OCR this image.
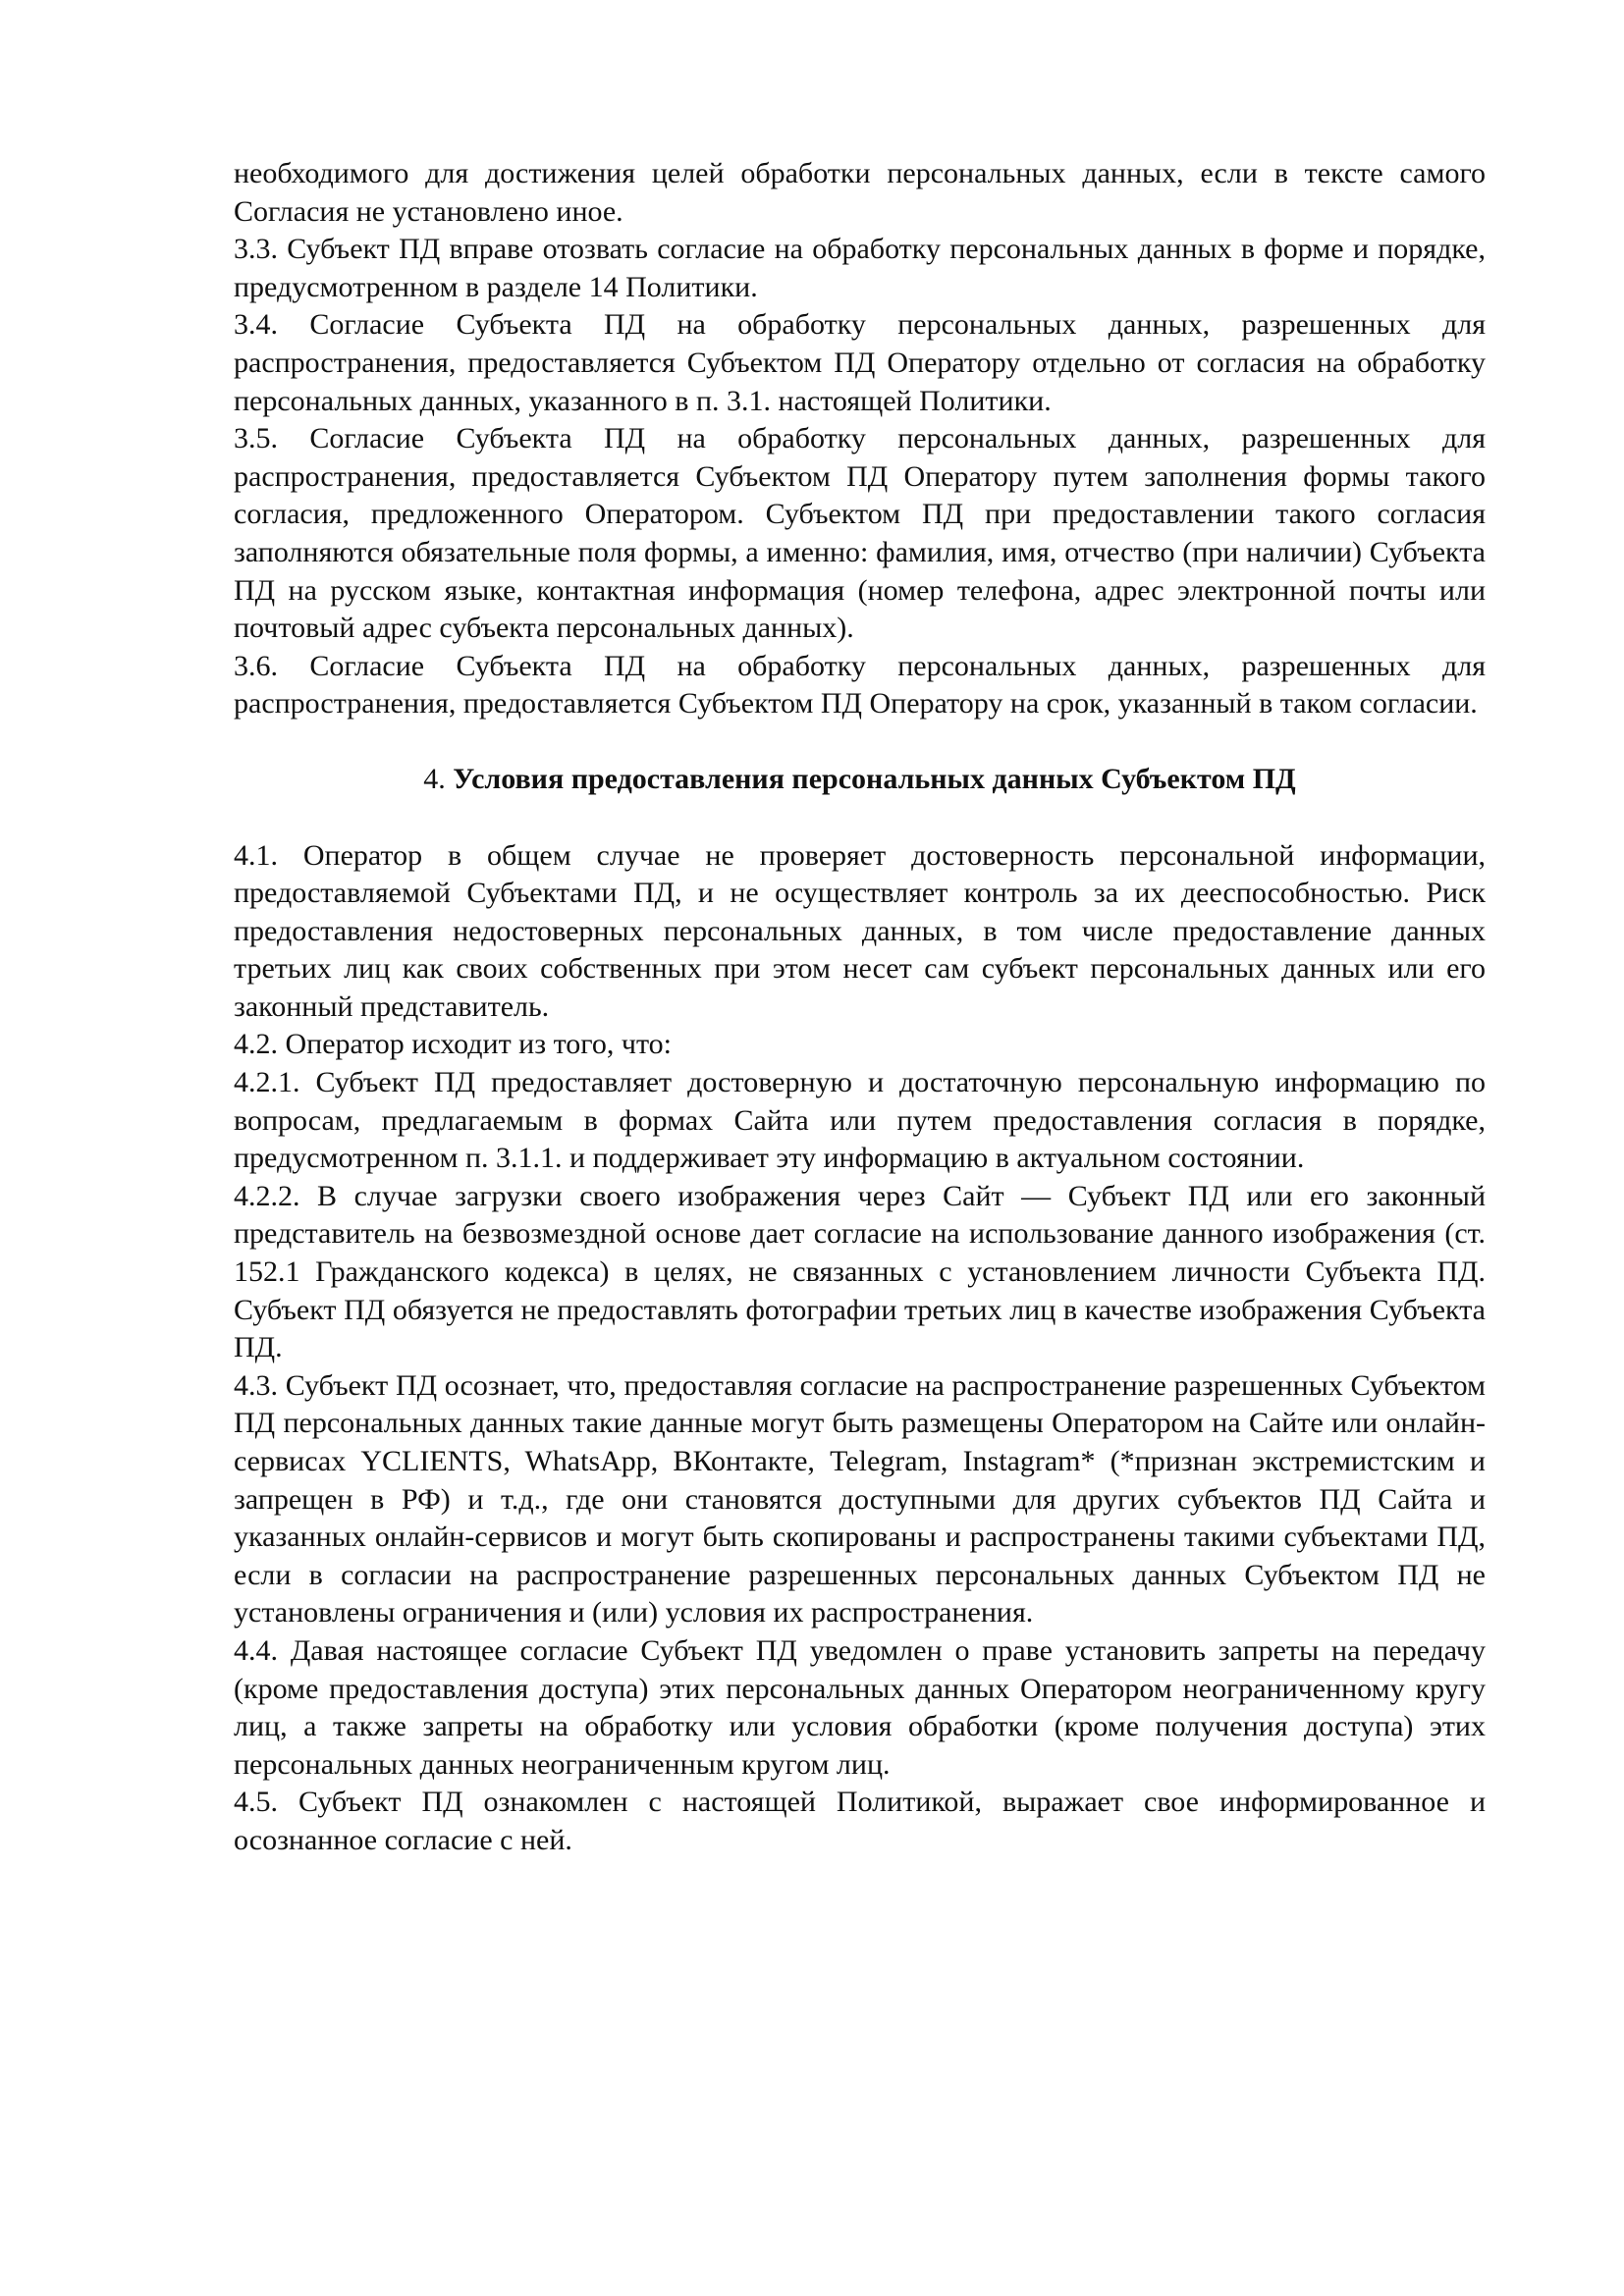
необходимого для достижения целей обработки персональных данных, если в тексте самого Согласия не установлено иное.

3.3. Субъект ПД вправе отозвать согласие на обработку персональных данных в форме и порядке, предусмотренном в разделе 14 Политики.

3.4. Согласие Субъекта ПД на обработку персональных данных, разрешенных для распространения, предоставляется Субъектом ПД Оператору отдельно от согласия на обработку персональных данных, указанного в п. 3.1. настоящей Политики.

3.5. Согласие Субъекта ПД на обработку персональных данных, разрешенных для распространения, предоставляется Субъектом ПД Оператору путем заполнения формы такого согласия, предложенного Оператором. Субъектом ПД при предоставлении такого согласия заполняются обязательные поля формы, а именно: фамилия, имя, отчество (при наличии) Субъекта ПД на русском языке, контактная информация (номер телефона, адрес электронной почты или почтовый адрес субъекта персональных данных).

3.6. Согласие Субъекта ПД на обработку персональных данных, разрешенных для распространения, предоставляется Субъектом ПД Оператору на срок, указанный в таком согласии.

4. Условия предоставления персональных данных Субъектом ПД

4.1. Оператор в общем случае не проверяет достоверность персональной информации, предоставляемой Субъектами ПД, и не осуществляет контроль за их дееспособностью. Риск предоставления недостоверных персональных данных, в том числе предоставление данных третьих лиц как своих собственных при этом несет сам субъект персональных данных или его законный представитель.

4.2. Оператор исходит из того, что:

4.2.1. Субъект ПД предоставляет достоверную и достаточную персональную информацию по вопросам, предлагаемым в формах Сайта или путем предоставления согласия в порядке, предусмотренном п. 3.1.1. и поддерживает эту информацию в актуальном состоянии.

4.2.2. В случае загрузки своего изображения через Сайт — Субъект ПД или его законный представитель на безвозмездной основе дает согласие на использование данного изображения (ст. 152.1 Гражданского кодекса) в целях, не связанных с установлением личности Субъекта ПД. Субъект ПД обязуется не предоставлять фотографии третьих лиц в качестве изображения Субъекта ПД.

4.3. Субъект ПД осознает, что, предоставляя согласие на распространение разрешенных Субъектом ПД персональных данных такие данные могут быть размещены Оператором на Сайте или онлайн-сервисах YCLIENTS, WhatsApp, ВКонтакте, Telegram, Instagram* (*признан экстремистским и запрещен в РФ) и т.д., где они становятся доступными для других субъектов ПД Сайта и указанных онлайн-сервисов и могут быть скопированы и распространены такими субъектами ПД, если в согласии на распространение разрешенных персональных данных Субъектом ПД не установлены ограничения и (или) условия их распространения.

4.4. Давая настоящее согласие Субъект ПД уведомлен о праве установить запреты на передачу (кроме предоставления доступа) этих персональных данных Оператором неограниченному кругу лиц, а также запреты на обработку или условия обработки (кроме получения доступа) этих персональных данных неограниченным кругом лиц.

4.5. Субъект ПД ознакомлен с настоящей Политикой, выражает свое информированное и осознанное согласие с ней.
